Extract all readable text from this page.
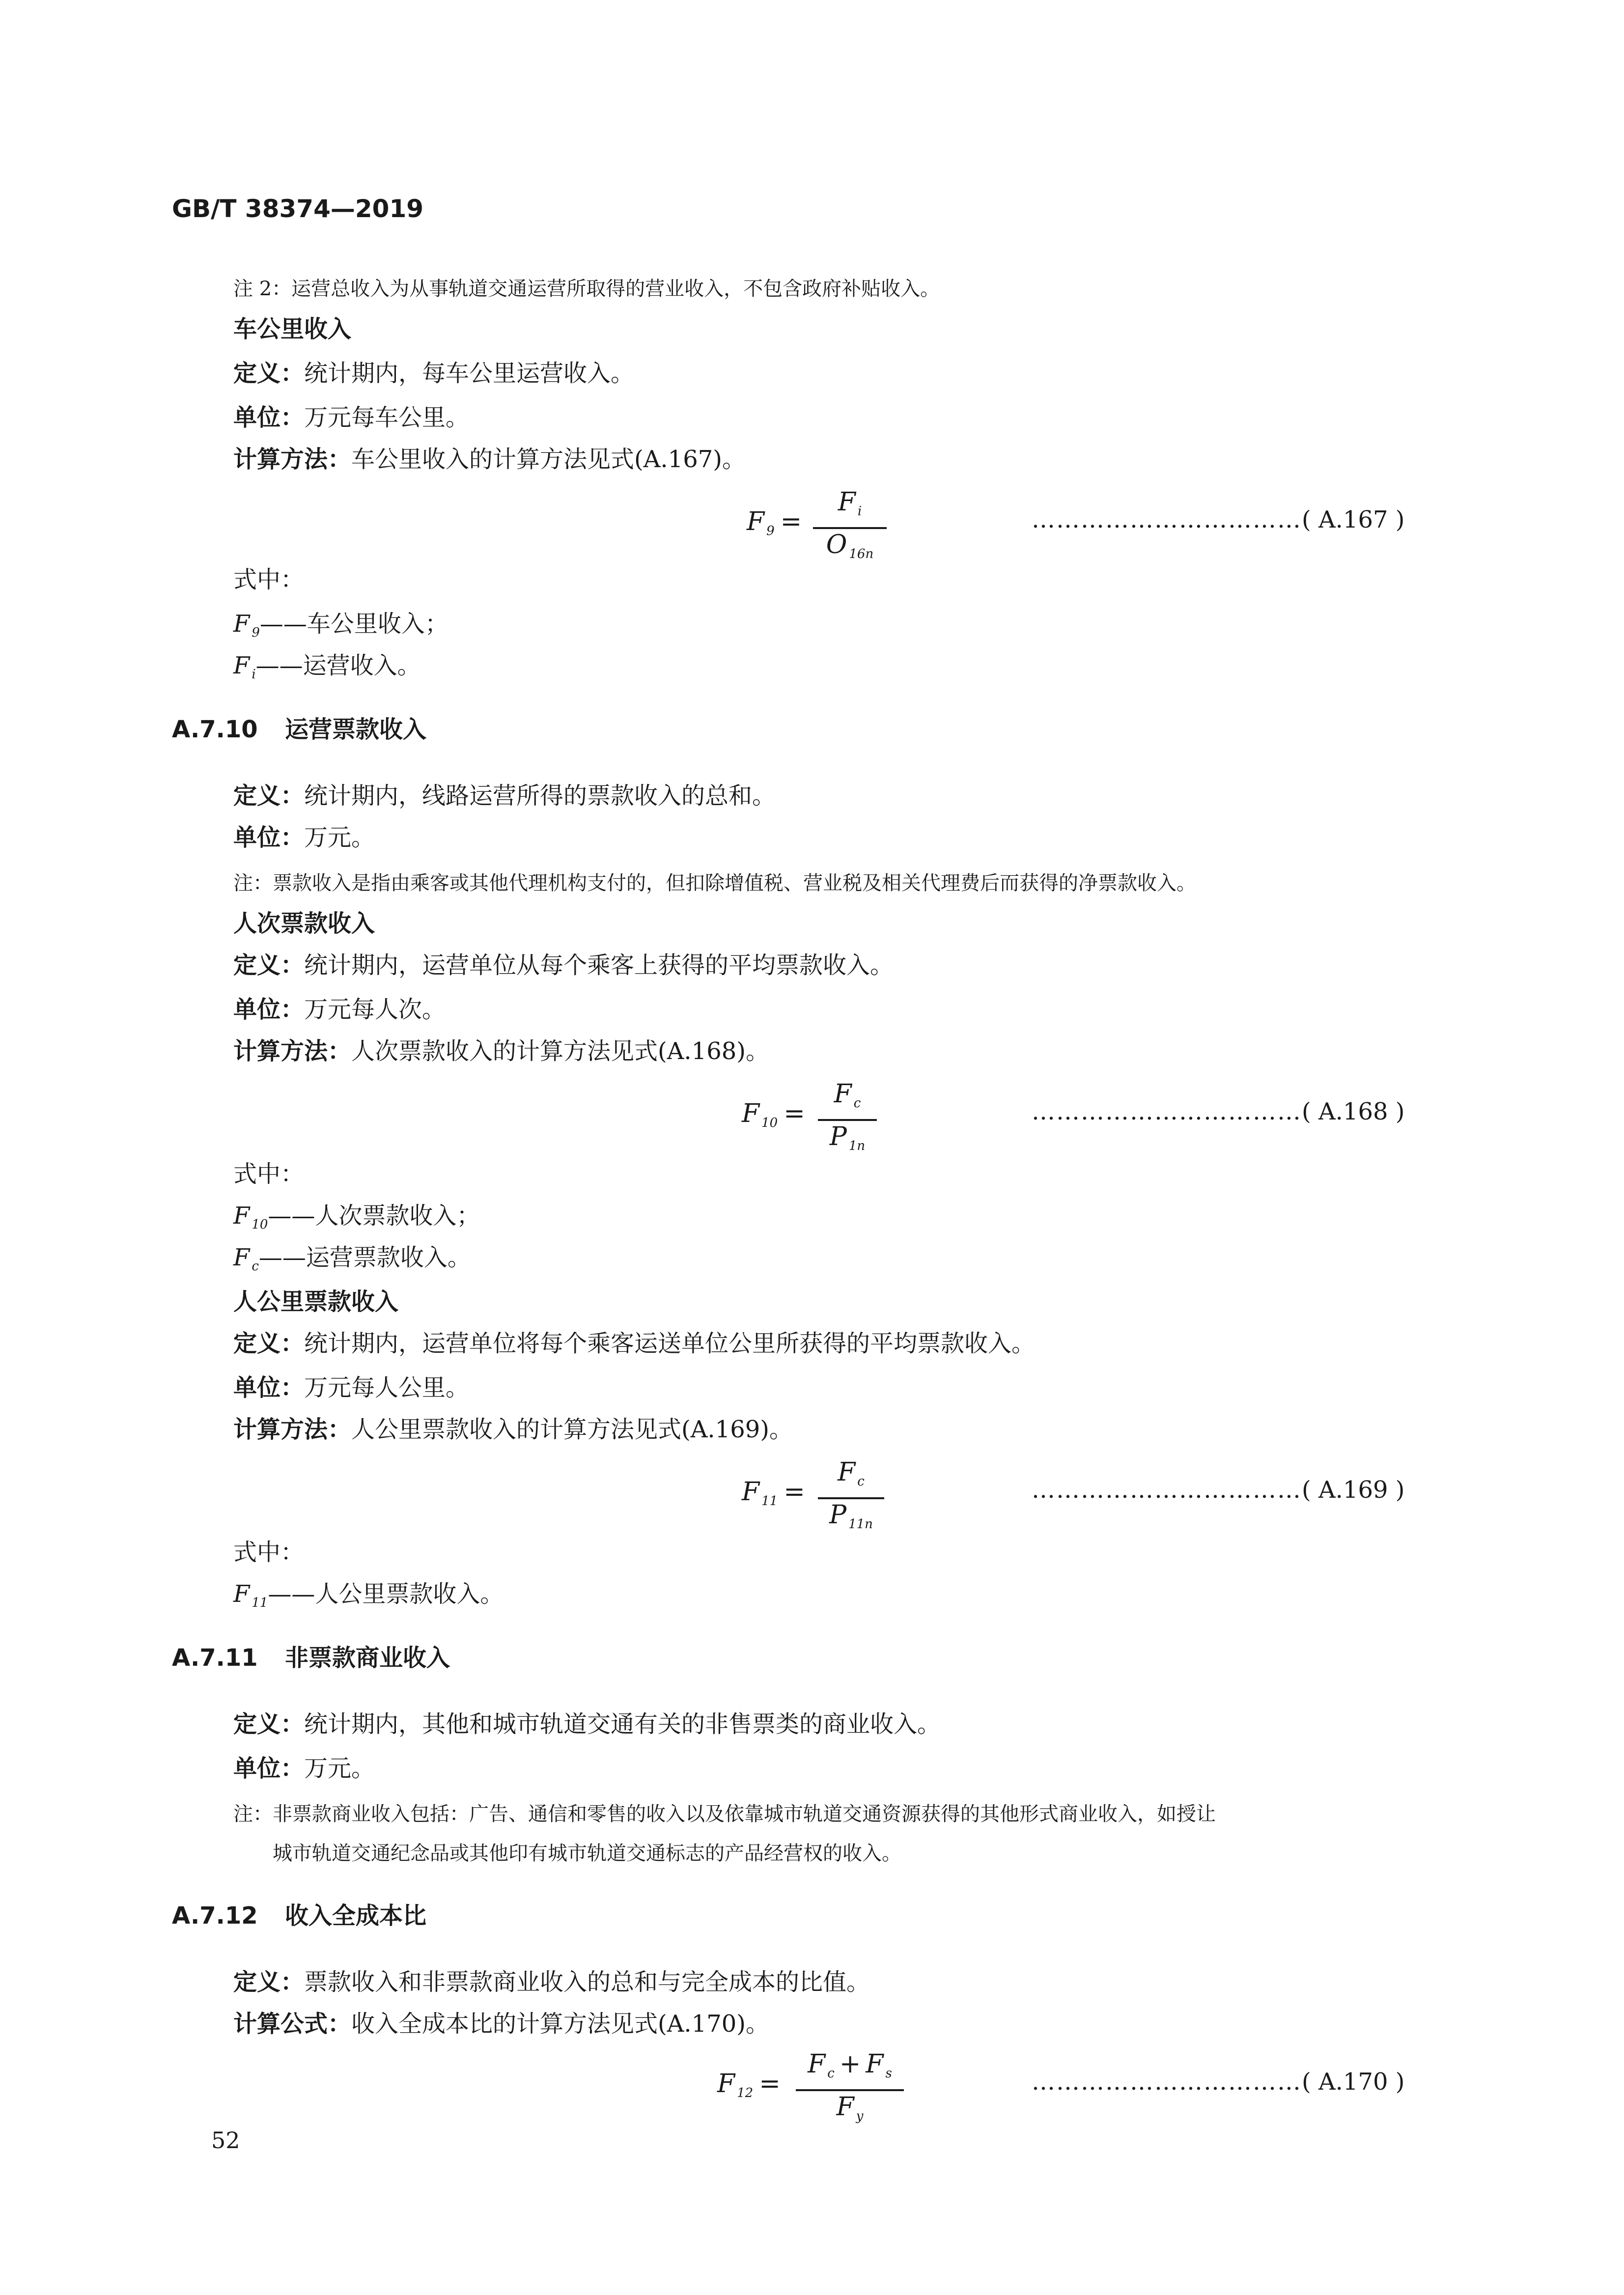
GB/T 38374—2019
注 2：运营总收入为从事轨道交通运营所取得的营业收入，不包含政府补贴收入。
车公里收入
定义：统计期内，每车公里运营收入。
单位：万元每车公里。
计算方法：车公里收入的计算方法见式(A.167)。
F $_9$ =
F $_i$
O $_{16n}$
……………………………( A.167 )
式中：
F $_9$——车公里收入；
F $_i$——运营收入。
A.7.10 运营票款收入
定义：统计期内，线路运营所得的票款收入的总和。
单位：万元。
注：票款收入是指由乘客或其他代理机构支付的，但扣除增值税、营业税及相关代理费后而获得的净票款收入。
人次票款收入
定义：统计期内，运营单位从每个乘客上获得的平均票款收入。
单位：万元每人次。
计算方法：人次票款收入的计算方法见式(A.168)。
F $_{10}$ =
F $_c$
P $_{1n}$
……………………………( A.168 )
式中：
F $_{10}$——人次票款收入；
F $_c$——运营票款收入。
人公里票款收入
定义：统计期内，运营单位将每个乘客运送单位公里所获得的平均票款收入。
单位：万元每人公里。
计算方法：人公里票款收入的计算方法见式(A.169)。
F $_{11}$ =
F $_c$
P $_{11n}$
……………………………( A.169 )
式中：
F $_{11}$——人公里票款收入。
A.7.11 非票款商业收入
定义：统计期内，其他和城市轨道交通有关的非售票类的商业收入。
单位：万元。
注：非票款商业收入包括：广告、通信和零售的收入以及依靠城市轨道交通资源获得的其他形式商业收入，如授让
城市轨道交通纪念品或其他印有城市轨道交通标志的产品经营权的收入。
A.7.12 收入全成本比
定义：票款收入和非票款商业收入的总和与完全成本的比值。
计算公式：收入全成本比的计算方法见式(A.170)。
F $_{12}$ =
F $_c$ + F $_s$
F $_y$
……………………………( A.170 )
52
